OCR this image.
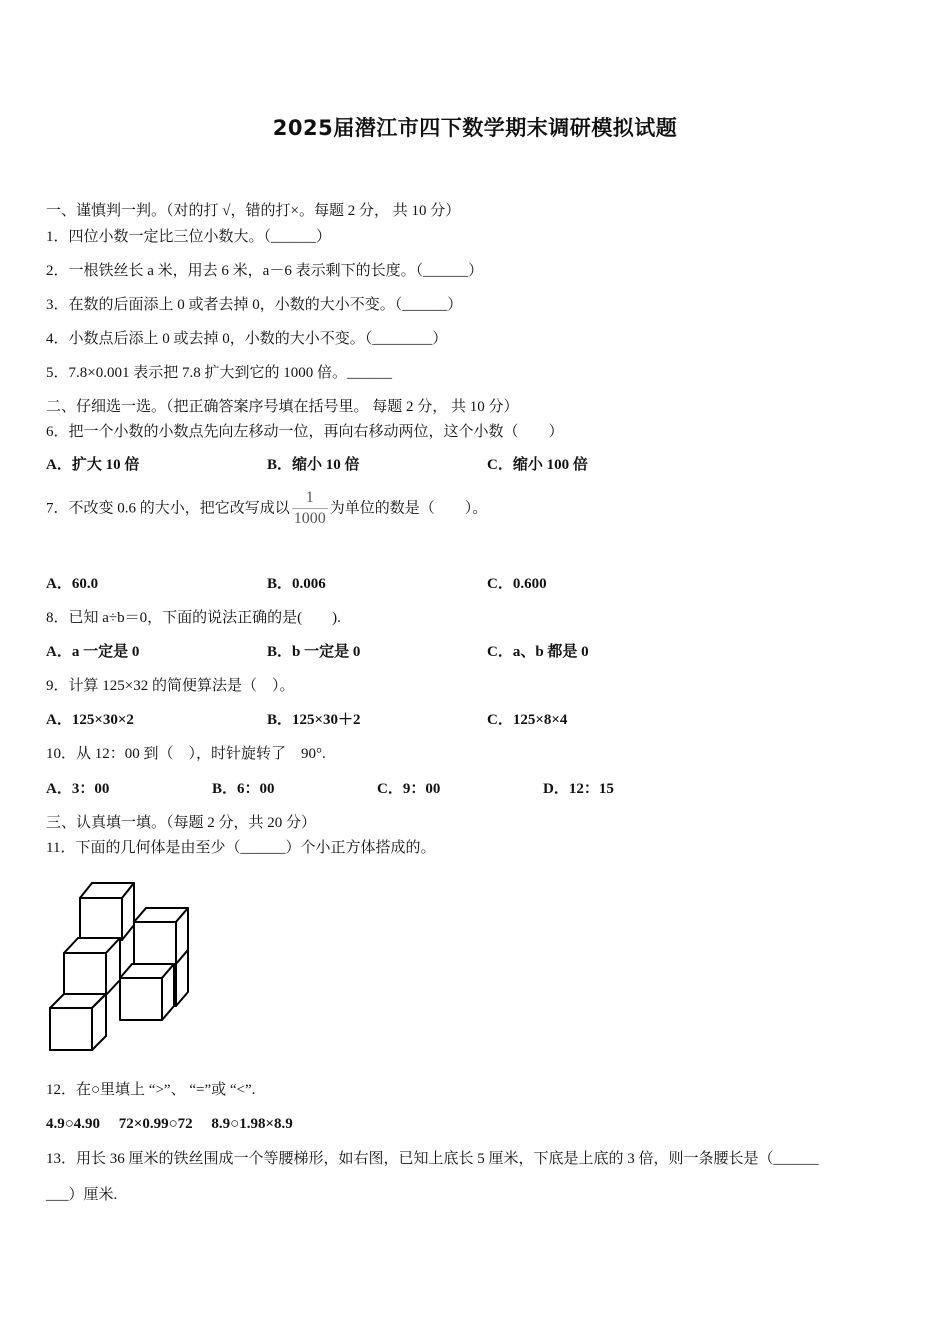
2025届潜江市四下数学期末调研模拟试题
一、谨慎判一判。（对的打 √，错的打×。每题 2 分， 共 10 分）
1．四位小数一定比三位小数大。（______）
2．一根铁丝长 a 米，用去 6 米，a－6 表示剩下的长度。（______）
3．在数的后面添上 0 或者去掉 0，小数的大小不变。（______）
4．小数点后添上 0 或去掉 0，小数的大小不变。（________）
5．7.8×0.001 表示把 7.8 扩大到它的 1000 倍。______
二、仔细选一选。（把正确答案序号填在括号里。 每题 2 分， 共 10 分）
6．把一个小数的小数点先向左移动一位，再向右移动两位，这个小数（　　）
A．扩大 10 倍	B．缩小 10 倍	C．缩小 100 倍
7．不改变 0.6 的大小，把它改写成以 $\frac{1}{1000}$ 为单位的数是（　　）。
A．60.0	B．0.006	C．0.600
8．已知 a÷b＝0，下面的说法正确的是(　　).
A．a 一定是 0	B．b 一定是 0	C．a、b 都是 0
9．计算 125×32 的简便算法是（　）。
A．125×30×2	B．125×30＋2	C．125×8×4
10．从 12：00 到（　），时针旋转了　90°.
A．3：00	B．6：00	C．9：00	D．12：15
三、认真填一填。（每题 2 分，共 20 分）
11．下面的几何体是由至少（______）个小正方体搭成的。
12．在○里填上 “>”、 “=”或 “<”.
4.9○4.90　 72×0.99○72　 8.9○1.98×8.9
13．用长 36 厘米的铁丝围成一个等腰梯形，如右图，已知上底长 5 厘米，下底是上底的 3 倍，则一条腰长是（______
___）厘米.
